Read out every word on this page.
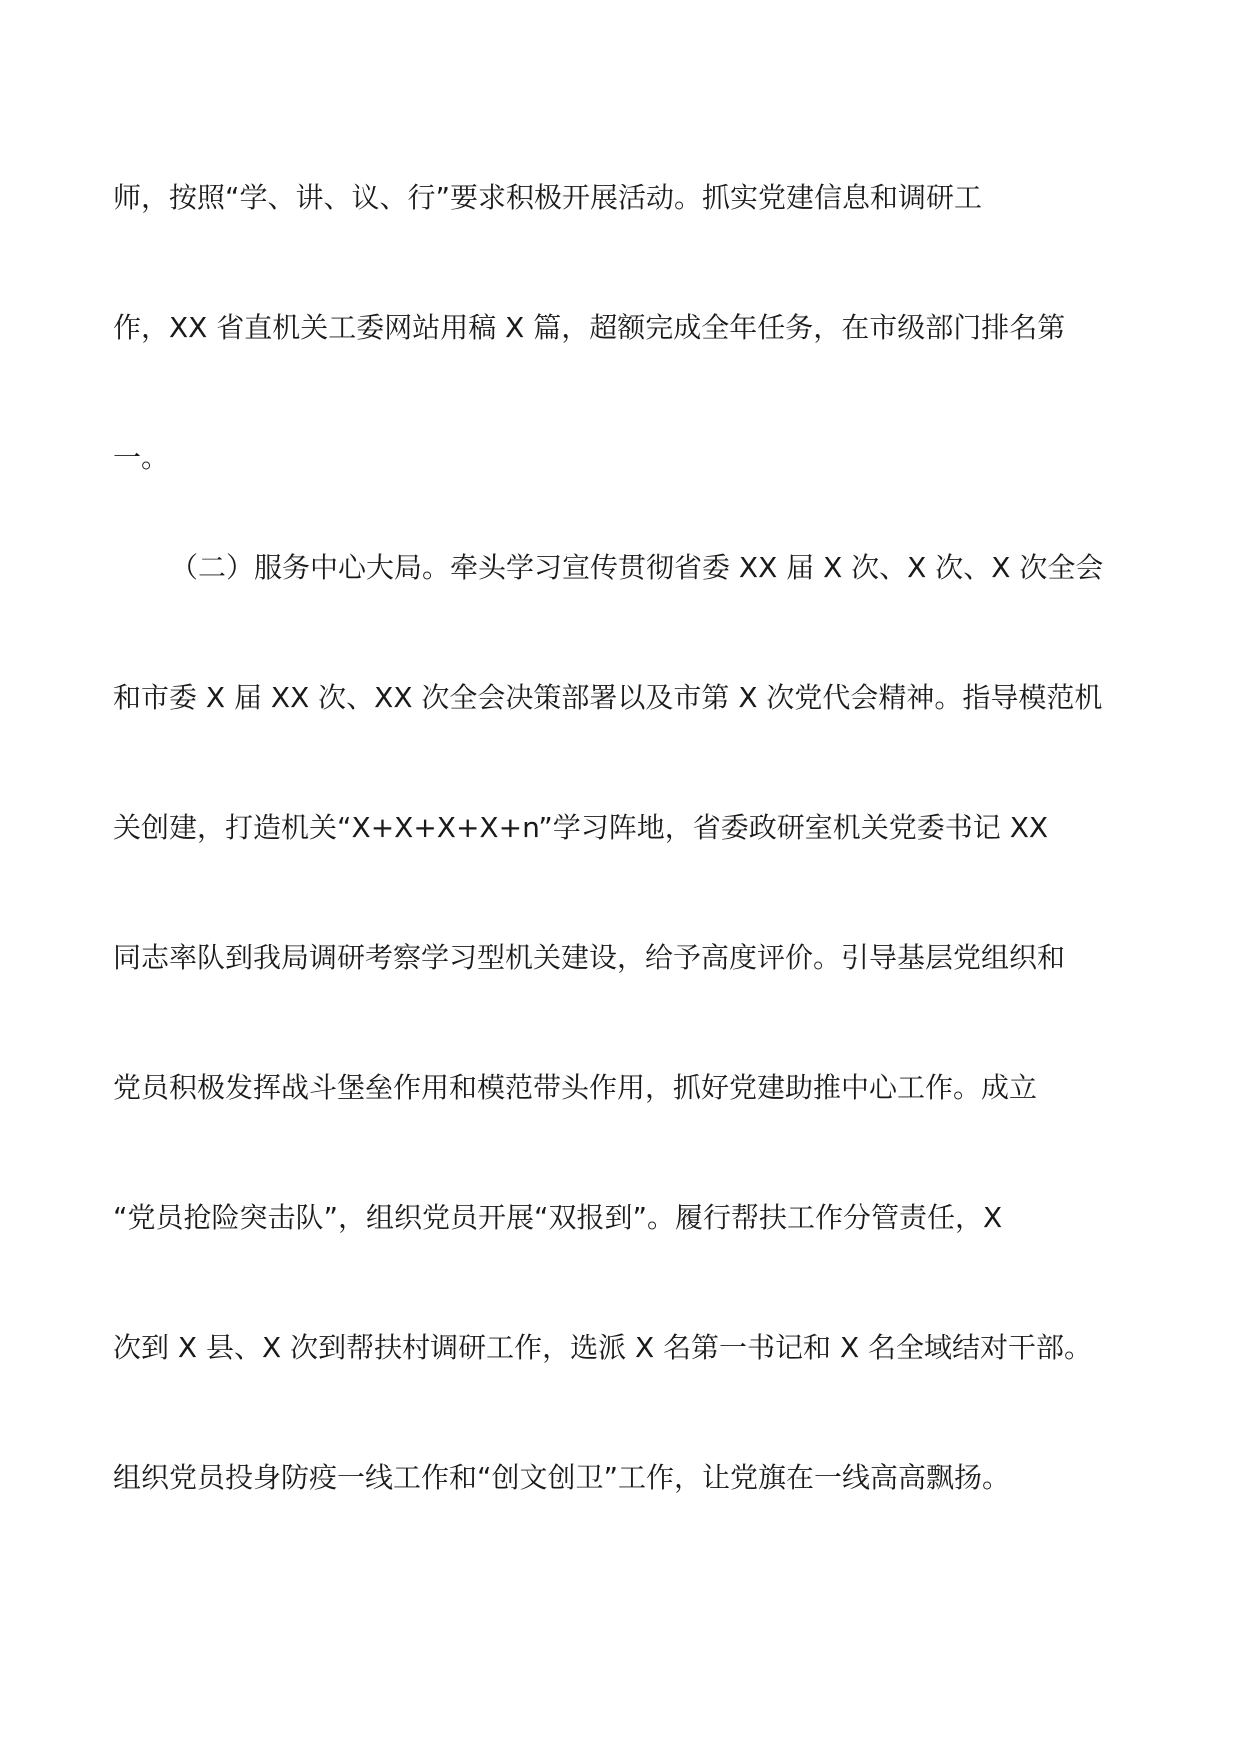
师，按照“学、讲、议、行”要求积极开展活动。抓实党建信息和调研工

作，XX 省直机关工委网站用稿 X 篇，超额完成全年任务，在市级部门排名第

一。

（二）服务中心大局。牵头学习宣传贯彻省委 XX 届 X 次、X 次、X 次全会

和市委 X 届 XX 次、XX 次全会决策部署以及市第 X 次党代会精神。指导模范机

关创建，打造机关“X+X+X+X+n”学习阵地，省委政研室机关党委书记 XX

同志率队到我局调研考察学习型机关建设，给予高度评价。引导基层党组织和

党员积极发挥战斗堡垒作用和模范带头作用，抓好党建助推中心工作。成立

“党员抢险突击队”，组织党员开展“双报到”。履行帮扶工作分管责任，X

次到 X 县、X 次到帮扶村调研工作，选派 X 名第一书记和 X 名全域结对干部。

组织党员投身防疫一线工作和“创文创卫”工作，让党旗在一线高高飘扬。
